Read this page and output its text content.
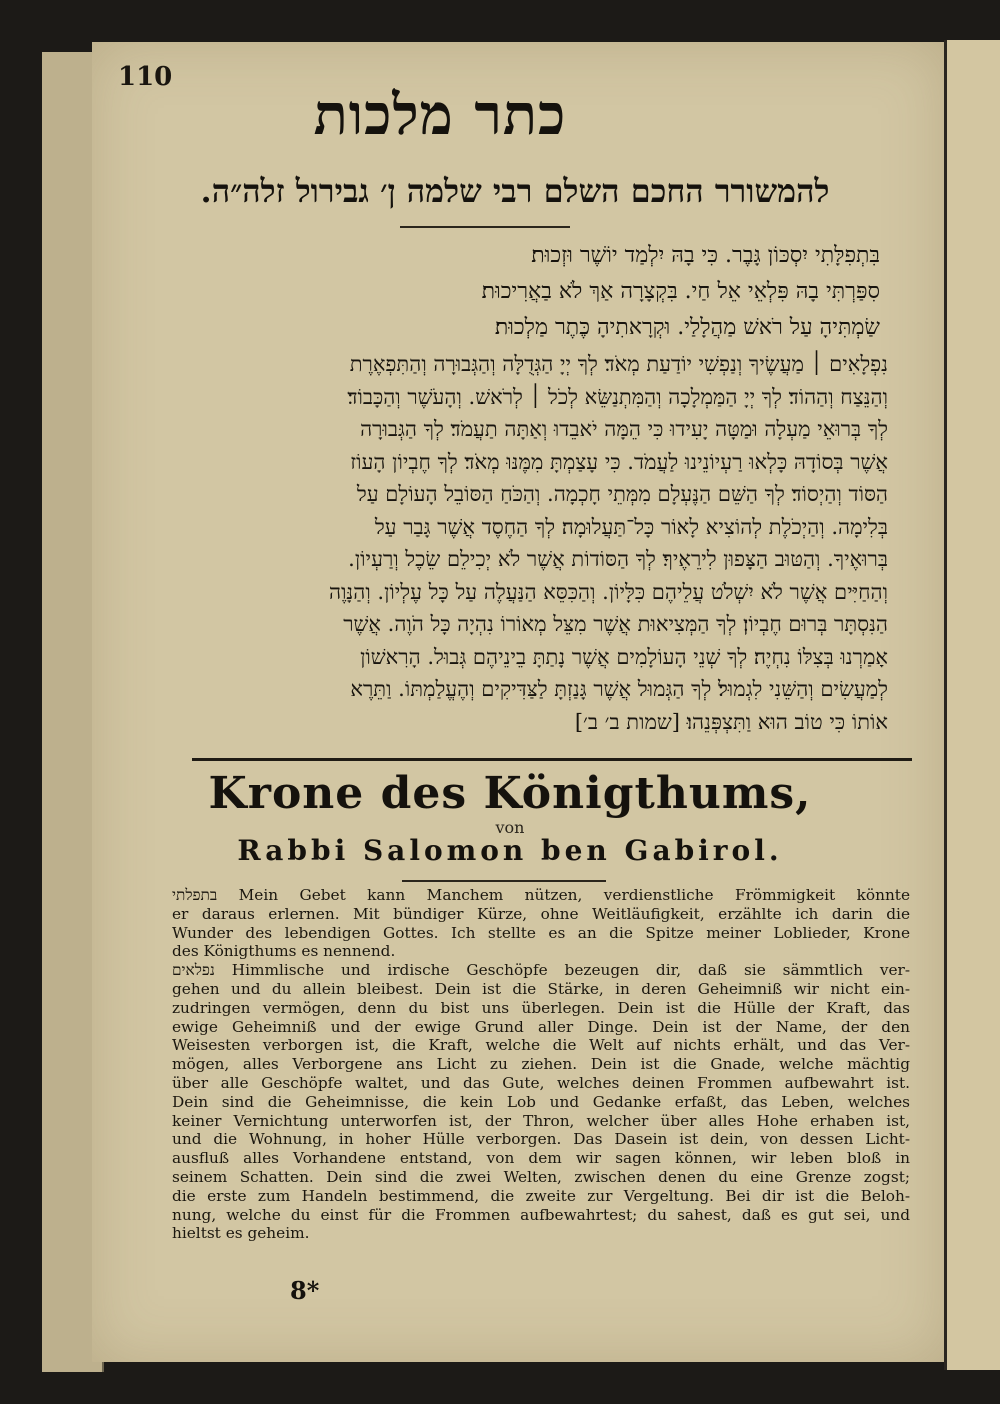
110
כתר מלכות
להמשורר החכם השלם רבי שלמה ן׳ גבירול זלה״ה.
בִּתְפִלָּתִי יִסְכּוֹן גָּבֶר. כִּי בָהּ יִלְמַד יוֹשֶׁר וּזְכוּת׃
סִפַּרְתִּי בָהּ פִּלְאֵי אֵל חַי. בִּקְצָרָה אַךְ לֹא בַאֲרִיכוּת׃
שַׂמְתִּיהָ עַל רֹאשׁ מַהֲלָלַי. וּקְרָאתִיהָ כֶּתֶר מַלְכוּת׃
נִפְלָאִים ׀ מַעֲשֶׂיךָ וְנַפְשִׁי יוֹדַעַת מְאֹד׃ לְךָ יְיָ הַגְּדֻלָּה וְהַגְּבוּרָה וְהַתִּפְאֶרֶת
וְהַנֵּצַח וְהַהוֹד׃ לְךָ יְיָ הַמַּמְלָכָה וְהַמִּתְנַשֵּׂא לְכֹל ׀ לְרֹאשׁ. וְהָעֹשֶׁר וְהַכָּבוֹד׃
לְךָ בְּרוּאֵי מַעְלָה וּמַטָּה יָעִידוּ כִּי הֵמָּה יֹאבֵדוּ וְאַתָּה תַעֲמֹד׃ לְךָ הַגְּבוּרָה
אֲשֶׁר בְּסוֹדָהּ כָּלְאוּ רַעְיוֹנֵינוּ לַעֲמֹד. כִּי עָצַמְתָּ מִמֶּנּוּ מְאֹד׃ לְךָ חֶבְיוֹן הָעוֹז
הַסּוֹד וְהַיְסוֹד׃ לְךָ הַשֵּׁם הַנֶּעְלָם מִמְּתֵי חָכְמָה. וְהַכֹּחַ הַסּוֹבֵל הָעוֹלָם עַל
בְּלִימָה. וְהַיְכֹלֶת לְהוֹצִיא לָאוֹר כָּל־תַּעֲלוּמָה׃ לְךָ הַחֶסֶד אֲשֶׁר גָּבַר עַל
בְּרוּאֶיךָ. וְהַטּוּב הַצָּפוּן לִירֵאֶיךָ׃ לְךָ הַסּוֹדוֹת אֲשֶׁר לֹא יְכִילֵם שֵׂכֶל וְרַעְיוֹן.
וְהַחַיִּים אֲשֶׁר לֹא יִשְׁלֹט עֲלֵיהֶם כִּלָּיוֹן. וְהַכִּסֵּא הַנַּעֲלֶה עַל כָּל עֶלְיוֹן. וְהַנָּוֶה
הַנִּסְתָּר בְּרוּם חֶבְיוֹן׃ לְךָ הַמְּצִיאוּת אֲשֶׁר מִצֵּל מְאוֹרוֹ נִהְיָה כָּל הֹוֶה. אֲשֶׁר
אָמַרְנוּ בְּצִלּוֹ נִחְיֶה׃ לְךָ שְׁנֵי הָעוֹלָמִים אֲשֶׁר נָתַתָּ בֵינֵיהֶם גְּבוּל. הָרִאשׁוֹן
לְמַעֲשִׂים וְהַשֵּׁנִי לִגְמוּל׃ לְךָ הַגְּמוּל אֲשֶׁר גָּנַזְתָּ לַצַּדִּיקִים וְהֶעֱלַמְתּוֹ. וַתֵּרֶא
אוֹתוֹ כִּי טוֹב הוּא וַתִּצְפְּנֵהוּ׃ [שמות ב׳ ב׳]
Krone des Königthums,
von
Rabbi Salomon ben Gabirol.
בתפלתי Mein Gebet kann Manchem nützen, verdienstliche Frömmigkeit könnte
er daraus erlernen. Mit bündiger Kürze, ohne Weitläufigkeit, erzählte ich darin die
Wunder des lebendigen Gottes. Ich stellte es an die Spitze meiner Loblieder, Krone
des Königthums es nennend.
נפלאים Himmlische und irdische Geschöpfe bezeugen dir, daß sie sämmtlich ver-
gehen und du allein bleibest. Dein ist die Stärke, in deren Geheimniß wir nicht ein-
zudringen vermögen, denn du bist uns überlegen. Dein ist die Hülle der Kraft, das
ewige Geheimniß und der ewige Grund aller Dinge. Dein ist der Name, der den
Weisesten verborgen ist, die Kraft, welche die Welt auf nichts erhält, und das Ver-
mögen, alles Verborgene ans Licht zu ziehen. Dein ist die Gnade, welche mächtig
über alle Geschöpfe waltet, und das Gute, welches deinen Frommen aufbewahrt ist.
Dein sind die Geheimnisse, die kein Lob und Gedanke erfaßt, das Leben, welches
keiner Vernichtung unterworfen ist, der Thron, welcher über alles Hohe erhaben ist,
und die Wohnung, in hoher Hülle verborgen. Das Dasein ist dein, von dessen Licht-
ausfluß alles Vorhandene entstand, von dem wir sagen können, wir leben bloß in
seinem Schatten. Dein sind die zwei Welten, zwischen denen du eine Grenze zogst;
die erste zum Handeln bestimmend, die zweite zur Vergeltung. Bei dir ist die Beloh-
nung, welche du einst für die Frommen aufbewahrtest; du sahest, daß es gut sei, und
hieltst es geheim.
8*
